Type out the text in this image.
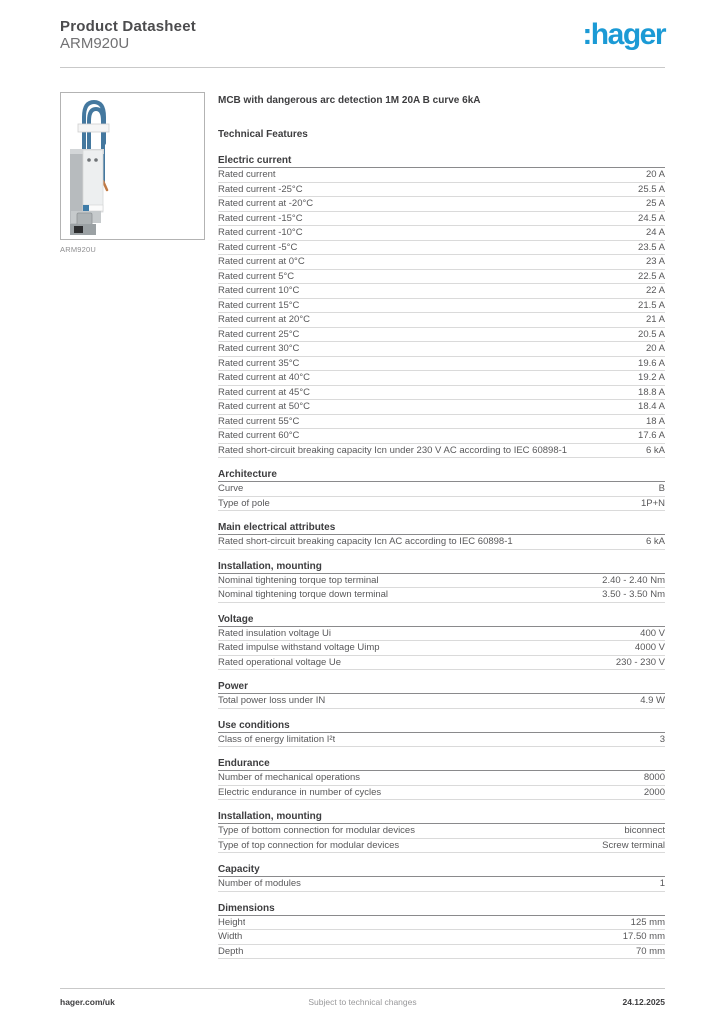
Product Datasheet
ARM920U	:hager
ARM920U

MCB with dangerous arc detection 1M 20A B curve 6kA

Technical Features
Electric current
Rated current	20 A
Rated current -25°C	25.5 A
Rated current at -20°C	25 A
Rated current -15°C	24.5 A
Rated current -10°C	24 A
Rated current -5°C	23.5 A
Rated current at 0°C	23 A
Rated current 5°C	22.5 A
Rated current 10°C	22 A
Rated current 15°C	21.5 A
Rated current at 20°C	21 A
Rated current 25°C	20.5 A
Rated current 30°C	20 A
Rated current 35°C	19.6 A
Rated current at 40°C	19.2 A
Rated current at 45°C	18.8 A
Rated current at 50°C	18.4 A
Rated current 55°C	18 A
Rated current 60°C	17.6 A
Rated short-circuit breaking capacity Icn under 230 V AC according to IEC 60898-1	6 kA
Architecture
Curve	B
Type of pole	1P+N
Main electrical attributes
Rated short-circuit breaking capacity Icn AC according to IEC 60898-1	6 kA
Installation, mounting
Nominal tightening torque top terminal	2.40 - 2.40 Nm
Nominal tightening torque down terminal	3.50 - 3.50 Nm
Voltage
Rated insulation voltage Ui	400 V
Rated impulse withstand voltage Uimp	4000 V
Rated operational voltage Ue	230 - 230 V
Power
Total power loss under IN	4.9 W
Use conditions
Class of energy limitation I²t	3
Endurance
Number of mechanical operations	8000
Electric endurance in number of cycles	2000
Installation, mounting
Type of bottom connection for modular devices	biconnect
Type of top connection for modular devices	Screw terminal
Capacity
Number of modules	1
Dimensions
Height	125 mm
Width	17.50 mm
Depth	70 mm
hager.com/uk	Subject to technical changes	24.12.2025
